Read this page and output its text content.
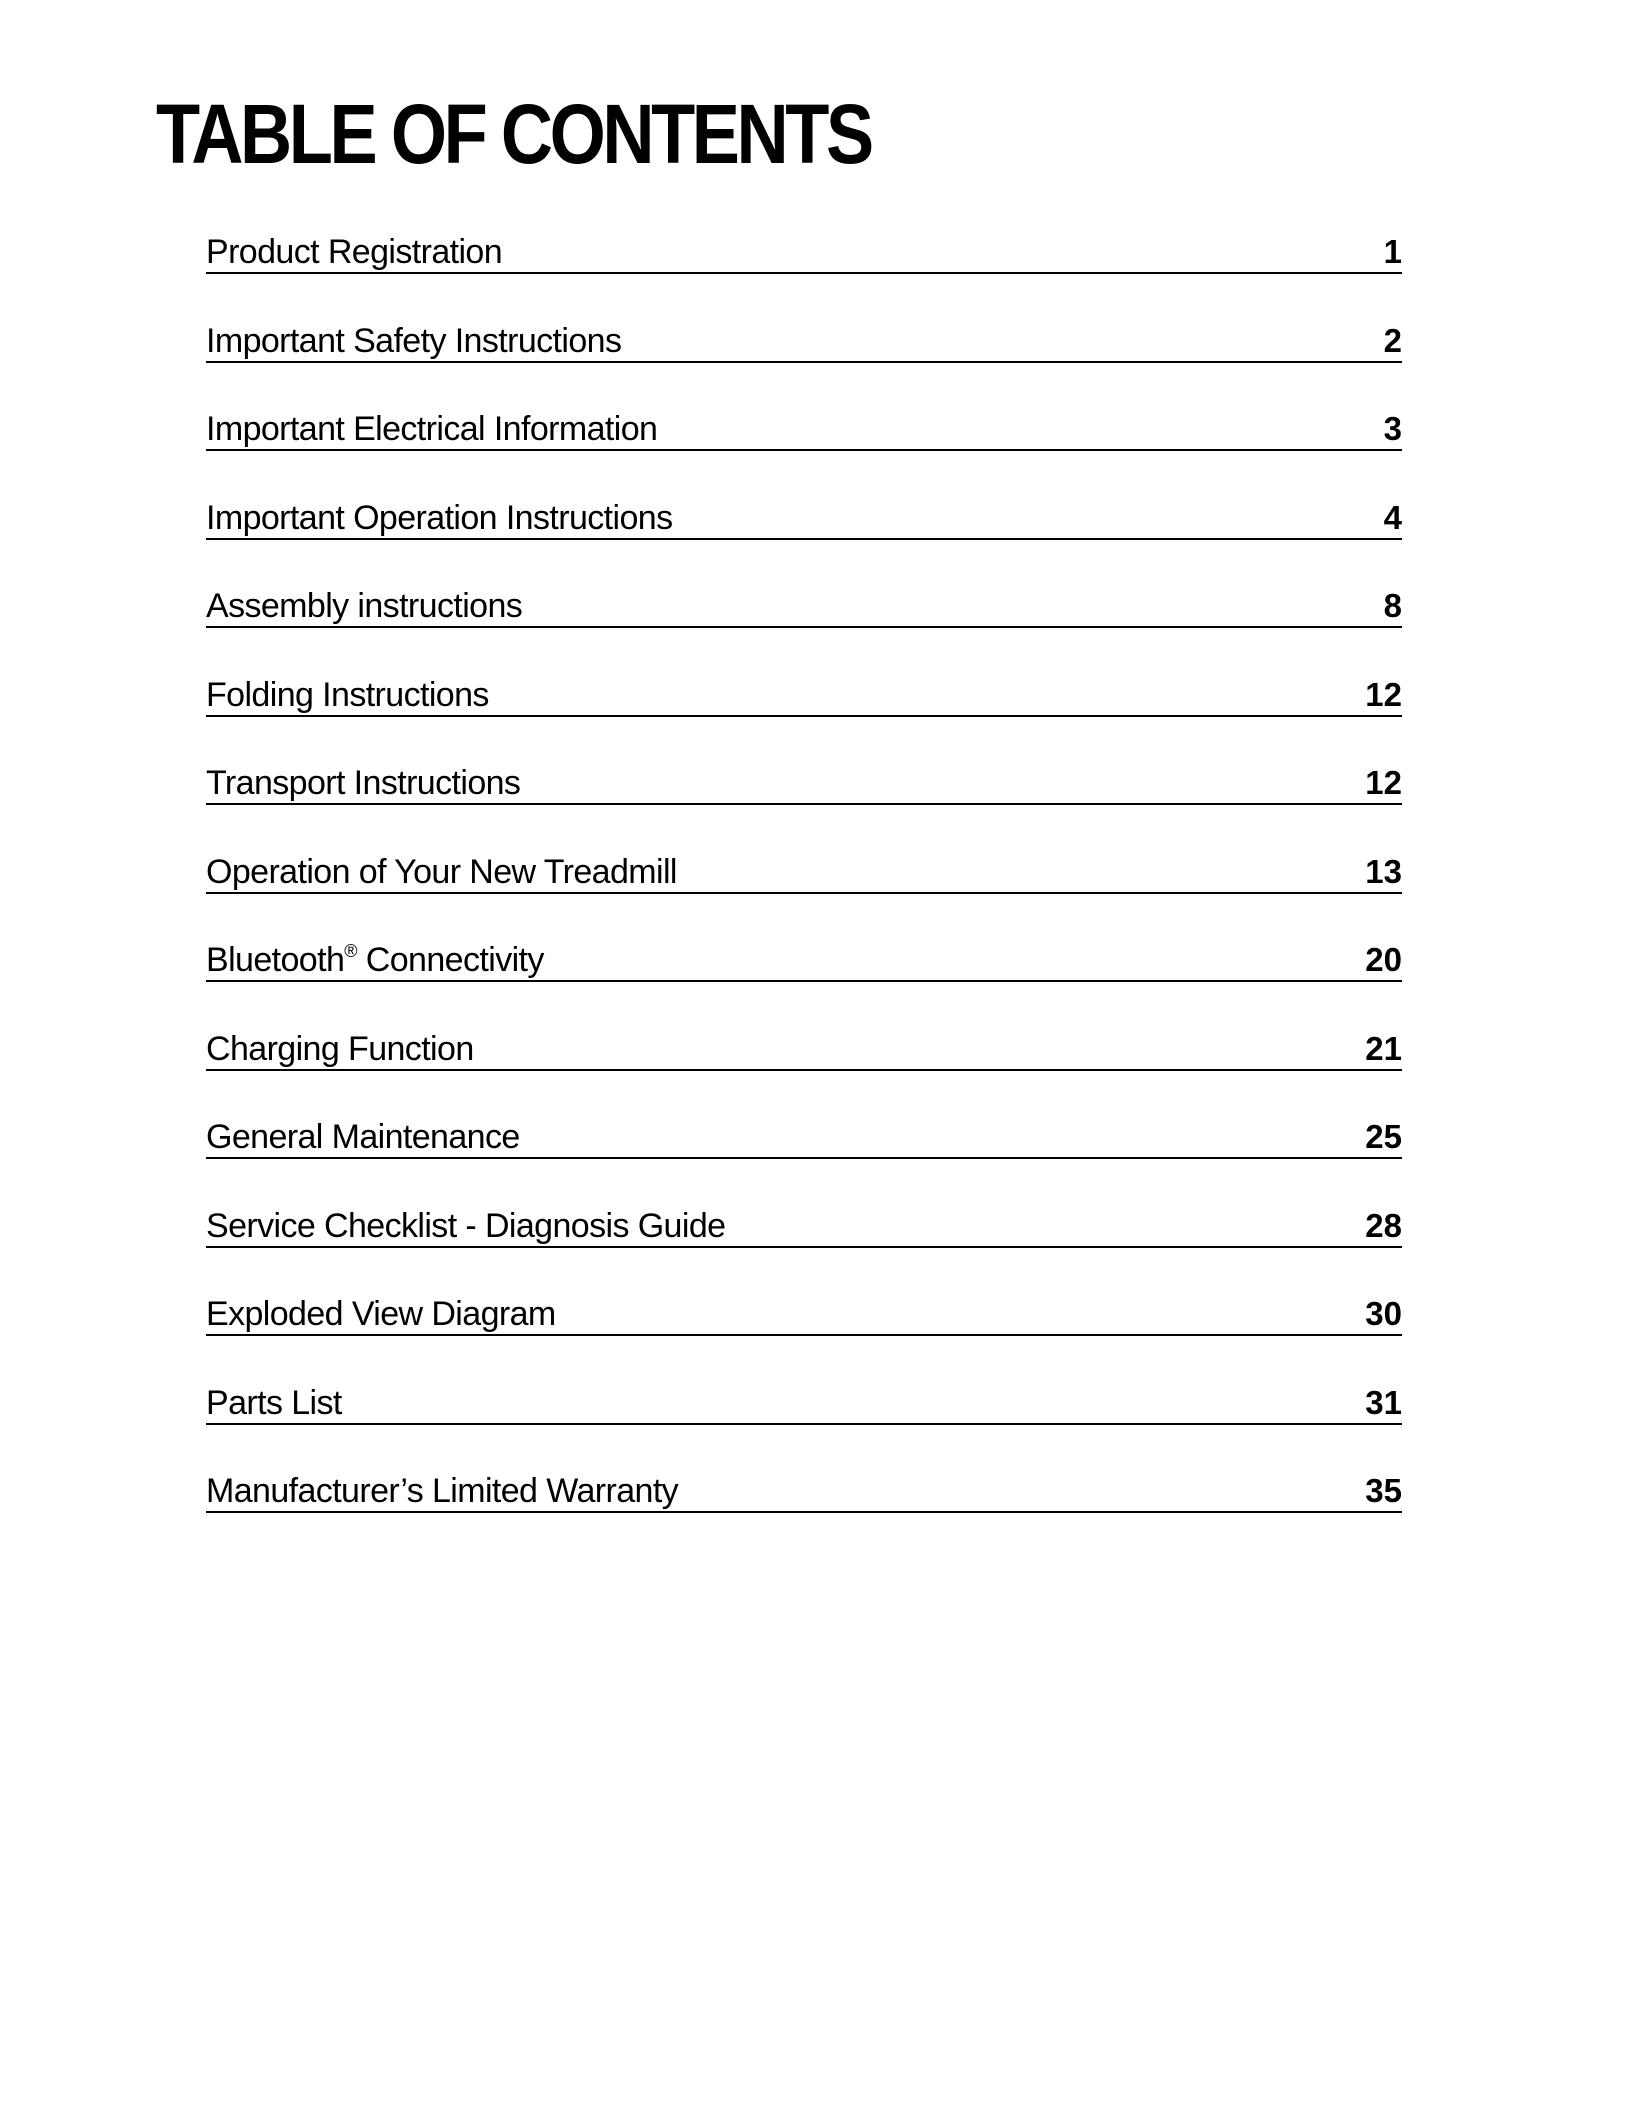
TABLE OF CONTENTS
Product Registration	1
Important Safety Instructions	2
Important Electrical Information	3
Important Operation Instructions	4
Assembly instructions	8
Folding Instructions	12
Transport Instructions	12
Operation of Your New Treadmill	13
Bluetooth® Connectivity	20
Charging Function	21
General Maintenance	25
Service Checklist - Diagnosis Guide	28
Exploded View Diagram	30
Parts List	31
Manufacturer’s Limited Warranty	35
